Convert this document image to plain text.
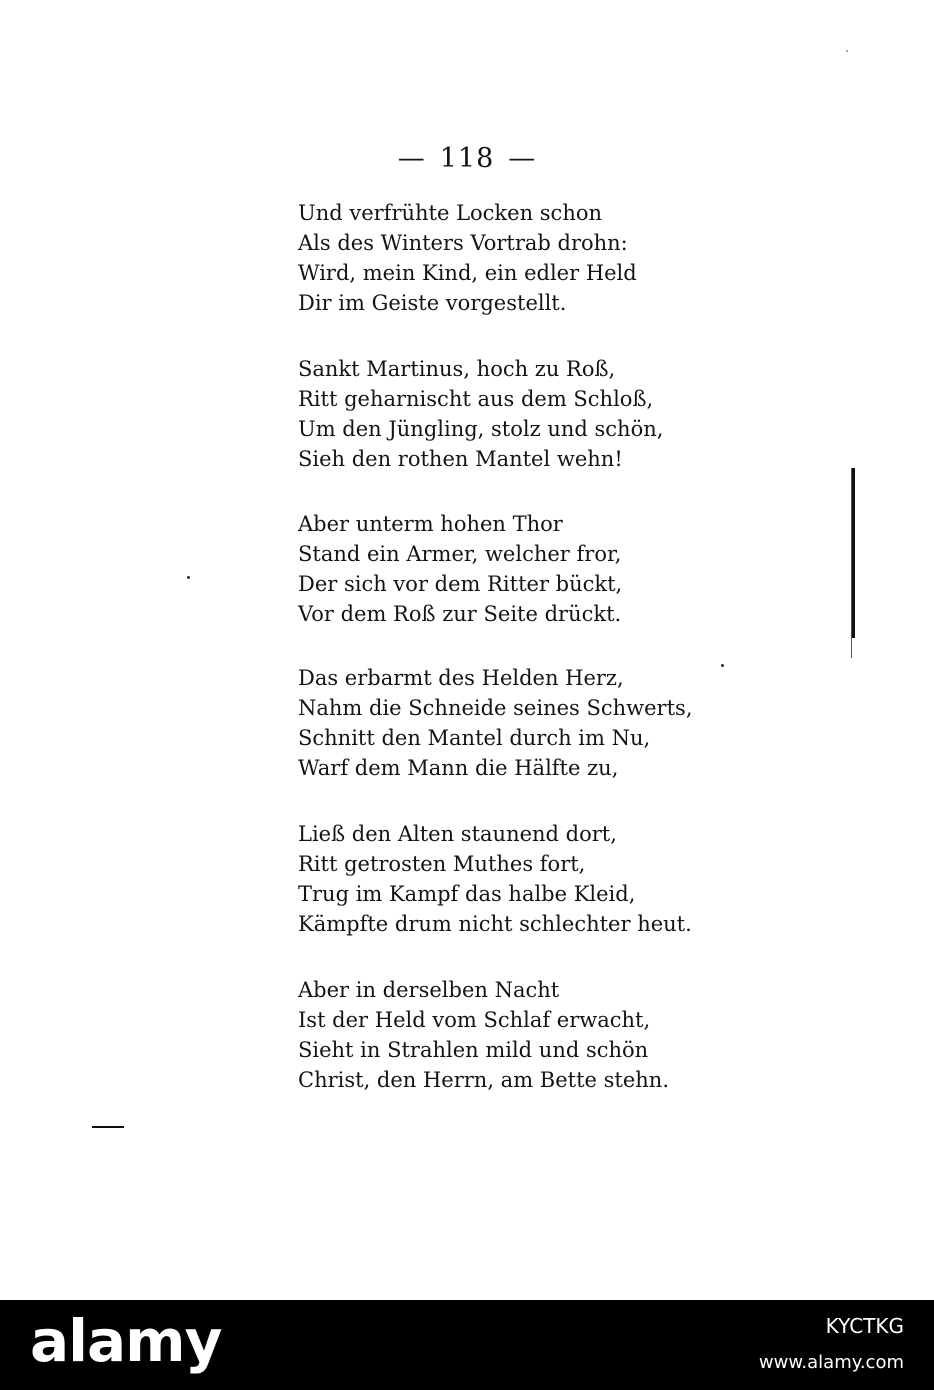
— 118 —
Und verfrühte Locken schon
Als des Winters Vortrab drohn:
Wird, mein Kind, ein edler Held
Dir im Geiste vorgestellt.
Sankt Martinus, hoch zu Roß,
Ritt geharnischt aus dem Schloß,
Um den Jüngling, stolz und schön,
Sieh den rothen Mantel wehn!
Aber unterm hohen Thor
Stand ein Armer, welcher fror,
Der sich vor dem Ritter bückt,
Vor dem Roß zur Seite drückt.
Das erbarmt des Helden Herz,
Nahm die Schneide seines Schwerts,
Schnitt den Mantel durch im Nu,
Warf dem Mann die Hälfte zu,
Ließ den Alten staunend dort,
Ritt getrosten Muthes fort,
Trug im Kampf das halbe Kleid,
Kämpfte drum nicht schlechter heut.
Aber in derselben Nacht
Ist der Held vom Schlaf erwacht,
Sieht in Strahlen mild und schön
Christ, den Herrn, am Bette stehn.
alamy	KYCTKG
www.alamy.com
